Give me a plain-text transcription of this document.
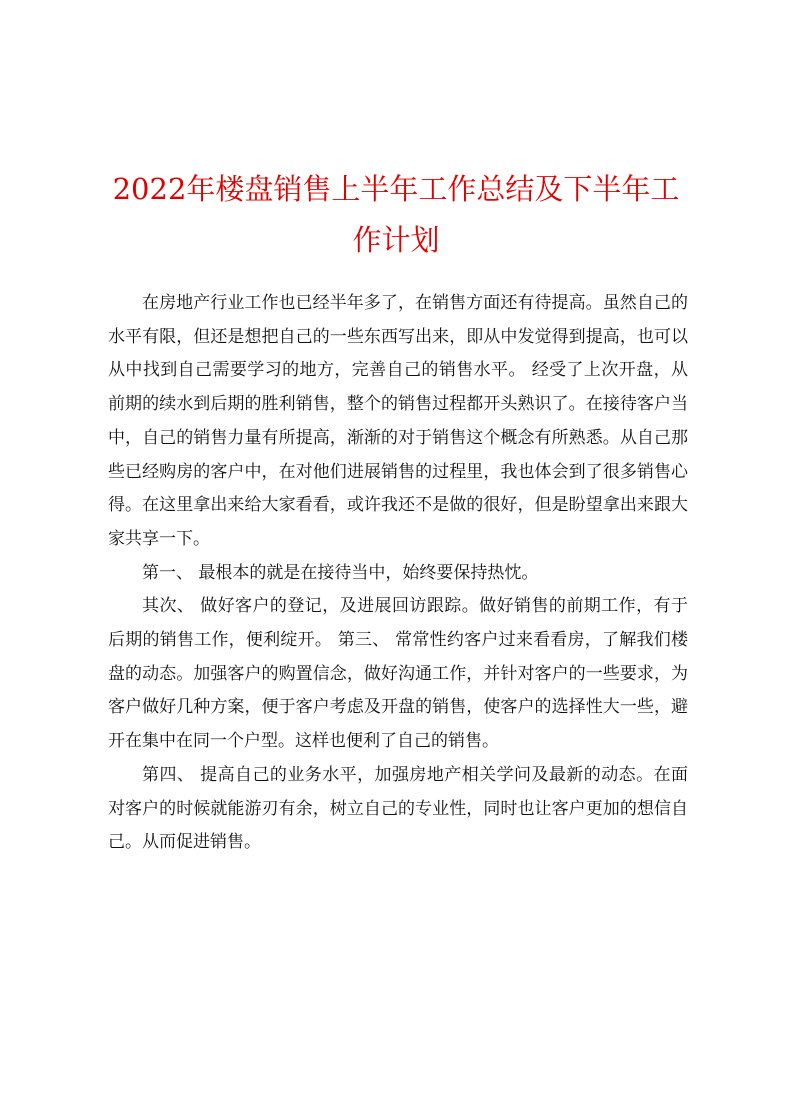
2022年楼盘销售上半年工作总结及下半年工
作计划

在房地产行业工作也已经半年多了，在销售方面还有待提高。虽然自己的水平有限，但还是想把自己的一些东西写出来，即从中发觉得到提高，也可以从中找到自己需要学习的地方，完善自己的销售水平。 经受了上次开盘，从前期的续水到后期的胜利销售，整个的销售过程都开头熟识了。在接待客户当中，自己的销售力量有所提高，渐渐的对于销售这个概念有所熟悉。从自己那些已经购房的客户中，在对他们进展销售的过程里，我也体会到了很多销售心得。在这里拿出来给大家看看，或许我还不是做的很好，但是盼望拿出来跟大家共享一下。

第一、 最根本的就是在接待当中，始终要保持热忱。

其次、 做好客户的登记，及进展回访跟踪。做好销售的前期工作，有于后期的销售工作，便利绽开。 第三、 常常性约客户过来看看房，了解我们楼盘的动态。加强客户的购置信念，做好沟通工作，并针对客户的一些要求，为客户做好几种方案，便于客户考虑及开盘的销售，使客户的选择性大一些，避开在集中在同一个户型。这样也便利了自己的销售。

第四、 提高自己的业务水平，加强房地产相关学问及最新的动态。在面对客户的时候就能游刃有余，树立自己的专业性，同时也让客户更加的想信自己。从而促进销售。
